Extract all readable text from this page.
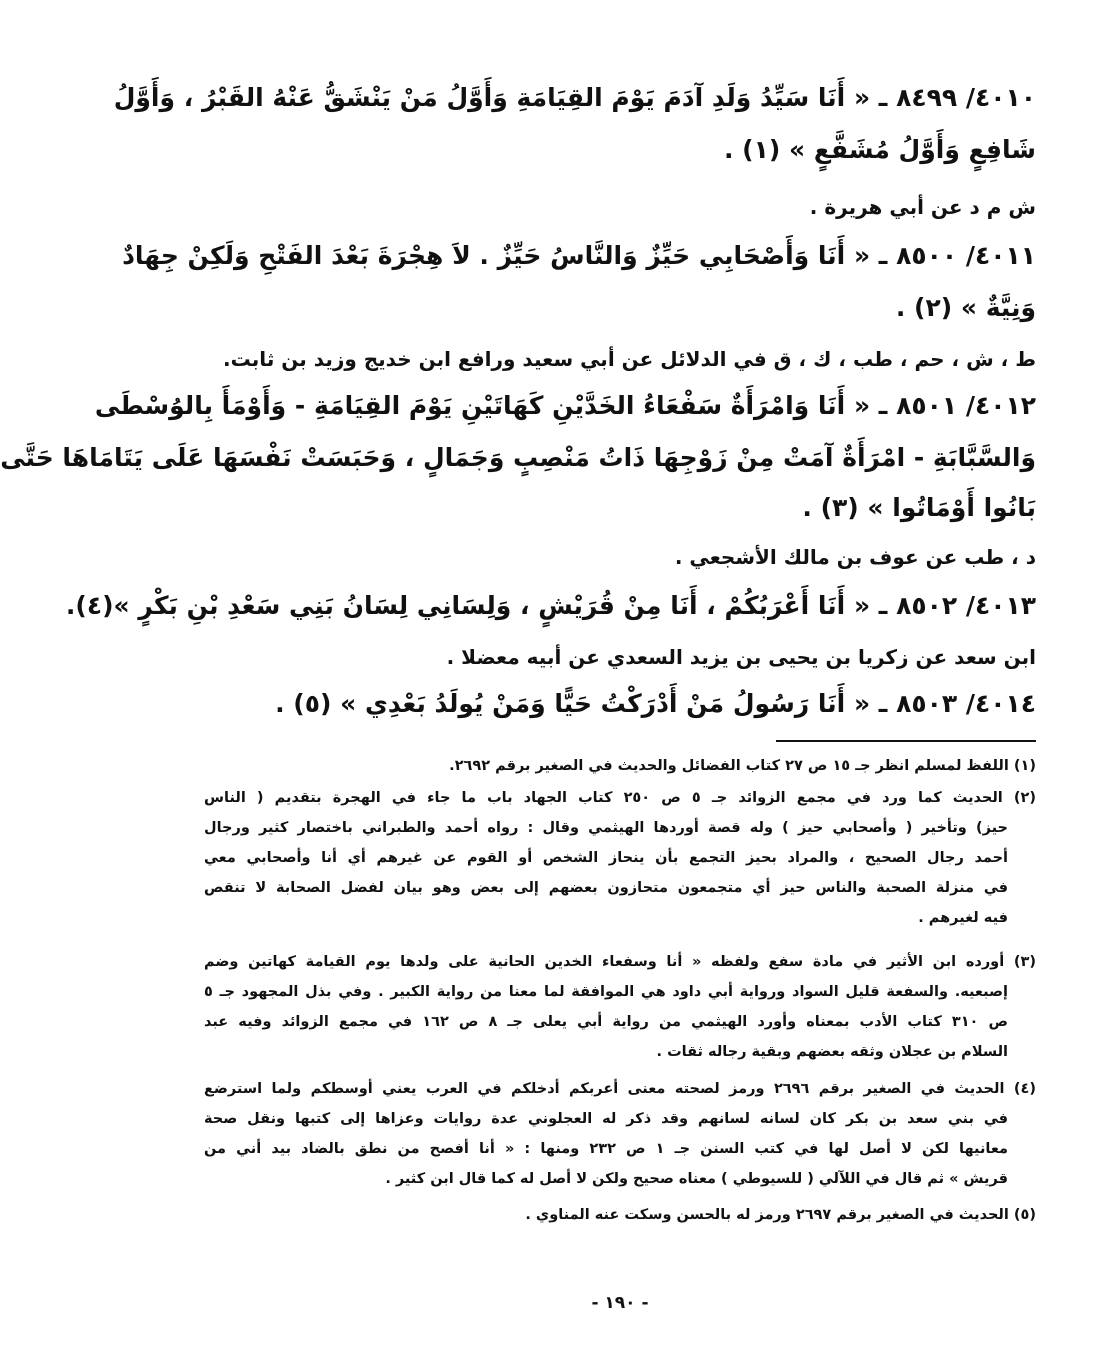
٤٠١٠/ ٨٤٩٩ ـ « أَنَا سَيِّدُ وَلَدِ آدَمَ يَوْمَ القِيَامَةِ وَأَوَّلُ مَنْ يَنْشَقُّ عَنْهُ القَبْرُ ، وَأَوَّلُ
شَافِعٍ وَأَوَّلُ مُشَفَّعٍ » (١) .
ش م د عن أبي هريرة .
٤٠١١/ ٨٥٠٠ ـ « أَنَا وَأَصْحَابِي حَيِّزٌ وَالنَّاسُ حَيِّزٌ . لاَ هِجْرَةَ بَعْدَ الفَتْحِ وَلَكِنْ جِهَادٌ
وَنِيَّةٌ » (٢) .
ط ، ش ، حم ، طب ، ك ، ق في الدلائل عن أبي سعيد ورافع ابن خديج وزيد بن ثابت.
٤٠١٢/ ٨٥٠١ ـ « أَنَا وَامْرَأَةٌ سَفْعَاءُ الخَدَّيْنِ كَهَاتَيْنِ يَوْمَ القِيَامَةِ - وَأَوْمَأَ بِالوُسْطَى
وَالسَّبَّابَةِ - امْرَأَةٌ آمَتْ مِنْ زَوْجِهَا ذَاتُ مَنْصِبٍ وَجَمَالٍ ، وَحَبَسَتْ نَفْسَهَا عَلَى يَتَامَاهَا حَتَّى
بَانُوا أَوْمَاتُوا » (٣) .
د ، طب عن عوف بن مالك الأشجعي .
٤٠١٣/ ٨٥٠٢ ـ « أَنَا أَعْرَبُكُمْ ، أَنَا مِنْ قُرَيْشٍ ، وَلِسَانِي لِسَانُ بَنِي سَعْدِ بْنِ بَكْرٍ »(٤).
ابن سعد عن زكريا بن يحيى بن يزيد السعدي عن أبيه معضلا .
٤٠١٤/ ٨٥٠٣ ـ « أَنَا رَسُولُ مَنْ أَدْرَكْتُ حَيًّا وَمَنْ يُولَدُ بَعْدِي » (٥) .
(١) اللفظ لمسلم انظر جـ ١٥ ص ٢٧ كتاب الفضائل والحديث في الصغير برقم ٢٦٩٢.
(٢) الحديث كما ورد في مجمع الزوائد جـ ٥ ص ٢٥٠ كتاب الجهاد باب ما جاء في الهجرة بتقديم ( الناس
حيز) وتأخير ( وأصحابي حيز ) وله قصة أوردها الهيثمي وقال : رواه أحمد والطبراني باختصار كثير ورجال
أحمد رجال الصحيح ، والمراد بحيز التجمع بأن ينحاز الشخص أو القوم عن غيرهم أي أنا وأصحابي معي
في منزلة الصحبة والناس حيز أي متجمعون متحازون بعضهم إلى بعض وهو بيان لفضل الصحابة لا تنقص
فيه لغيرهم .
(٣) أورده ابن الأثير في مادة سفع ولفظه « أنا وسفعاء الخدين الحانية على ولدها يوم القيامة كهاتين وضم
إصبعيه. والسفعة قليل السواد ورواية أبي داود هي الموافقة لما معنا من رواية الكبير . وفي بذل المجهود جـ ٥
ص ٣١٠ كتاب الأدب بمعناه وأورد الهيثمي من رواية أبي يعلى جـ ٨ ص ١٦٢ في مجمع الزوائد وفيه عبد
السلام بن عجلان وثقه بعضهم وبقية رجاله ثقات .
(٤) الحديث في الصغير برقم ٢٦٩٦ ورمز لصحته معنى أعربكم أدخلكم في العرب يعني أوسطكم ولما استرضع
في بني سعد بن بكر كان لسانه لسانهم وقد ذكر له العجلوني عدة روايات وعزاها إلى كتبها ونقل صحة
معانيها لكن لا أصل لها في كتب السنن جـ ١ ص ٢٣٢ ومنها : « أنا أفصح من نطق بالضاد بيد أني من
قريش » ثم قال في اللآلي ( للسيوطي ) معناه صحيح ولكن لا أصل له كما قال ابن كثير .
(٥) الحديث في الصغير برقم ٢٦٩٧ ورمز له بالحسن وسكت عنه المناوي .
- ١٩٠ -
